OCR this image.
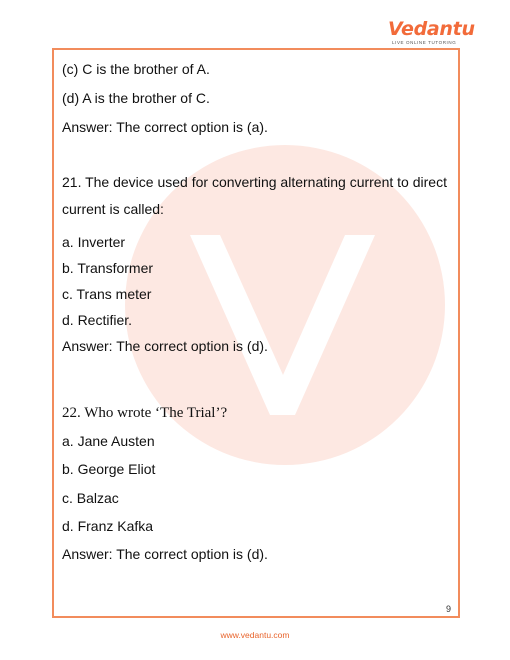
Vedantu
LIVE ONLINE TUTORING
(c) C is the brother of A.
(d) A is the brother of C.
Answer: The correct option is (a).
21. The device used for converting alternating current to direct
current is called:
a. Inverter
b. Transformer
c. Trans meter
d. Rectifier.
Answer: The correct option is (d).
22. Who wrote ‘The Trial’?
a. Jane Austen
b. George Eliot
c. Balzac
d. Franz Kafka
Answer: The correct option is (d).
9
www.vedantu.com
